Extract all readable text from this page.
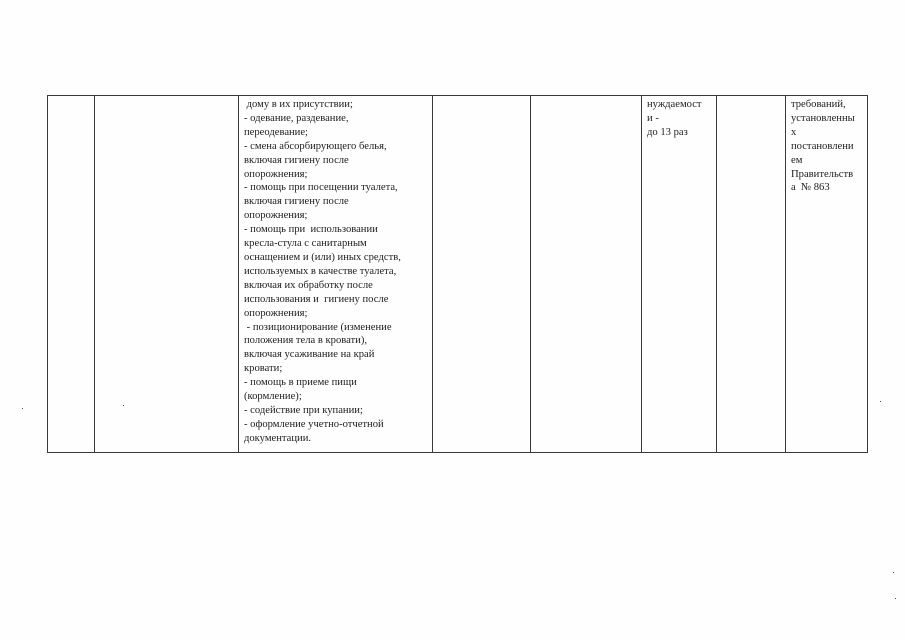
дому в их присутствии;
- одевание, раздевание,
переодевание;
- смена абсорбирующего белья,
включая гигиену после
опорожнения;
- помощь при посещении туалета,
включая гигиену после
опорожнения;
- помощь при  использовании
кресла-стула с санитарным
оснащением и (или) иных средств,
используемых в качестве туалета,
включая их обработку после
использования и  гигиену после
опорожнения;
- позиционирование (изменение
положения тела в кровати),
включая усаживание на край
кровати;
- помощь в приеме пищи
(кормление);
- содействие при купании;
- оформление учетно-отчетной
документации.
нуждаемост
и -
до 13 раз
требований,
установленны
х
постановлени
ем
Правительств
а  № 863
